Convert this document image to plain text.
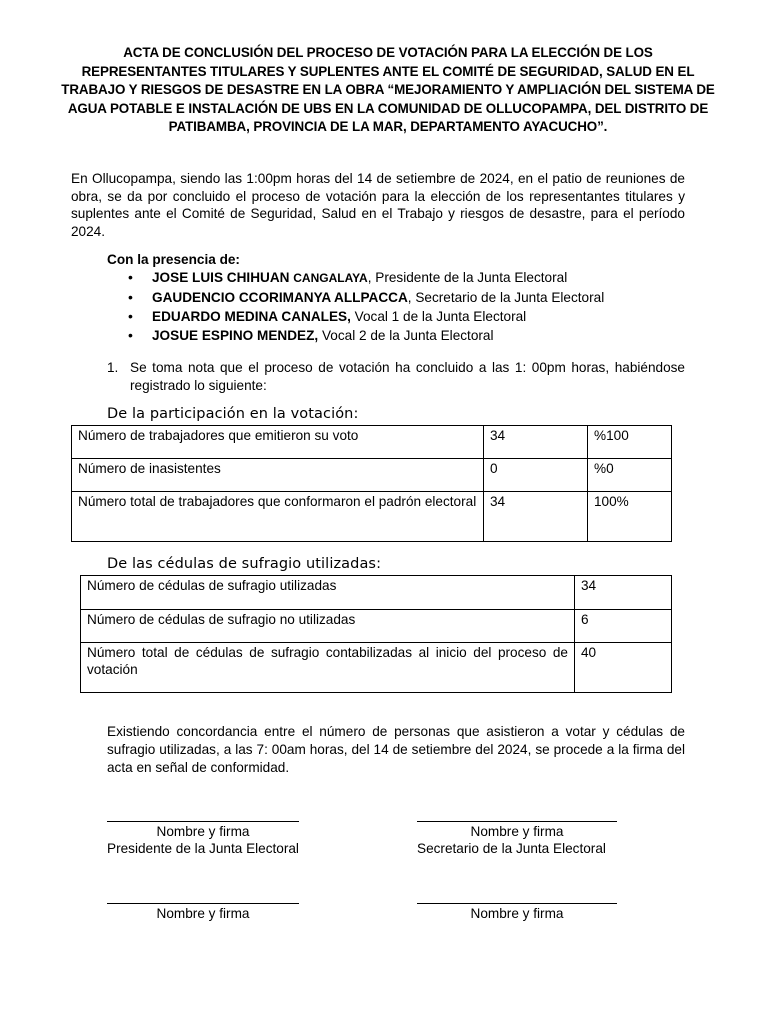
ACTA DE CONCLUSIÓN DEL PROCESO DE VOTACIÓN PARA LA ELECCIÓN DE LOS REPRESENTANTES TITULARES Y SUPLENTES ANTE EL COMITÉ DE SEGURIDAD, SALUD EN EL TRABAJO Y RIESGOS DE DESASTRE EN LA OBRA “MEJORAMIENTO Y AMPLIACIÓN DEL SISTEMA DE AGUA POTABLE E INSTALACIÓN DE UBS EN LA COMUNIDAD DE OLLUCOPAMPA, DEL DISTRITO DE PATIBAMBA, PROVINCIA DE LA MAR, DEPARTAMENTO AYACUCHO”.
En Ollucopampa, siendo las 1:00pm horas del 14 de setiembre de 2024, en el patio de reuniones de obra, se da por concluido el proceso de votación para la elección de los representantes titulares y suplentes ante el Comité de Seguridad, Salud en el Trabajo y riesgos de desastre, para el período 2024.
Con la presencia de:
• JOSE LUIS CHIHUAN CANGALAYA, Presidente de la Junta Electoral
• GAUDENCIO CCORIMANYA ALLPACCA, Secretario de la Junta Electoral
• EDUARDO MEDINA CANALES, Vocal 1 de la Junta Electoral
• JOSUE ESPINO MENDEZ, Vocal 2 de la Junta Electoral
1. Se toma nota que el proceso de votación ha concluido a las 1: 00pm horas, habiéndose registrado lo siguiente:
De la participación en la votación:
Número de trabajadores que emitieron su voto	34	%100
Número de inasistentes	0	%0
Número total de trabajadores que conformaron el padrón electoral	34	100%
De las cédulas de sufragio utilizadas:
Número de cédulas de sufragio utilizadas	34
Número de cédulas de sufragio no utilizadas	6
Número total de cédulas de sufragio contabilizadas al inicio del proceso de votación	40
Existiendo concordancia entre el número de personas que asistieron a votar y cédulas de sufragio utilizadas, a las 7: 00am horas, del 14 de setiembre del 2024, se procede a la firma del acta en señal de conformidad.
Nombre y firma
Presidente de la Junta Electoral
Nombre y firma
Secretario de la Junta Electoral
Nombre y firma	Nombre y firma
